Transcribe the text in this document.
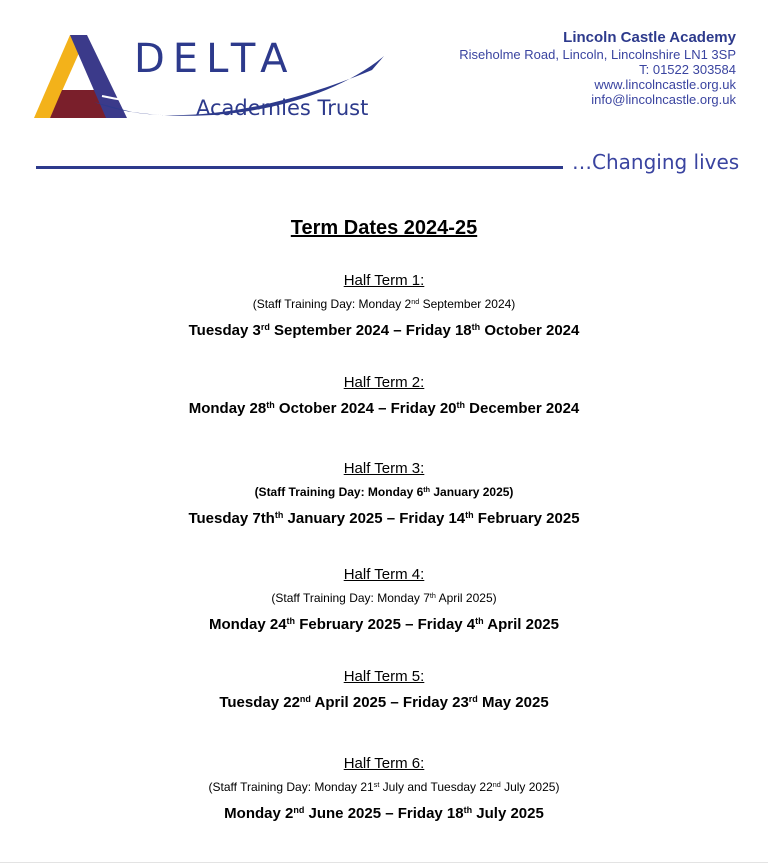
DELTA
Academies Trust
Lincoln Castle Academy
Riseholme Road, Lincoln, Lincolnshire LN1 3SP
T: 01522 303584
www.lincolncastle.org.uk
info@lincolncastle.org.uk
…Changing lives
Term Dates 2024-25
Half Term 1:
(Staff Training Day: Monday 2nd September 2024)
Tuesday 3rd September 2024 – Friday 18th October 2024
Half Term 2:
Monday 28th October 2024 – Friday 20th December 2024
Half Term 3:
(Staff Training Day: Monday 6th January 2025)
Tuesday $7th^{th}$ January 2025 – Friday 14th February 2025
Half Term 4:
(Staff Training Day: Monday 7th April 2025)
Monday 24th February 2025 – Friday 4th April 2025
Half Term 5:
Tuesday 22nd April 2025 – Friday 23rd May 2025
Half Term 6:
(Staff Training Day: Monday 21st July and Tuesday 22nd July 2025)
Monday 2nd June 2025 – Friday 18th July 2025
